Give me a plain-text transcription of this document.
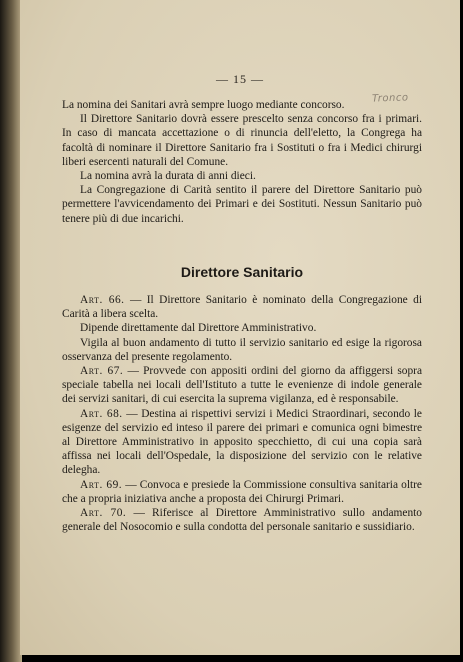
— 15 —
Tronco

La nomina dei Sanitari avrà sempre luogo mediante concorso.

Il Direttore Sanitario dovrà essere prescelto senza concorso fra i primari. In caso di mancata accettazione o di rinuncia dell'eletto, la Congrega ha facoltà di nominare il Direttore Sanitario fra i Sostituti o fra i Medici chirurgi liberi esercenti naturali del Comune.

La nomina avrà la durata di anni dieci.

La Congregazione di Carità sentito il parere del Direttore Sanitario può permettere l'avvicendamento dei Primari e dei Sostituti. Nessun Sanitario può tenere più di due incarichi.

Direttore Sanitario

Art. 66. — Il Direttore Sanitario è nominato della Congregazione di Carità a libera scelta.

Dipende direttamente dal Direttore Amministrativo.

Vigila al buon andamento di tutto il servizio sanitario ed esige la rigorosa osservanza del presente regolamento.

Art. 67. — Provvede con appositi ordini del giorno da affiggersi sopra speciale tabella nei locali dell'Istituto a tutte le evenienze di indole generale dei servizi sanitari, di cui esercita la suprema vigilanza, ed è responsabile.

Art. 68. — Destina ai rispettivi servizi i Medici Straordinari, secondo le esigenze del servizio ed inteso il parere dei primari e comunica ogni bimestre al Direttore Amministrativo in apposito specchietto, di cui una copia sarà affissa nei locali dell'Ospedale, la disposizione del servizio con le relative delegha.

Art. 69. — Convoca e presiede la Commissione consultiva sanitaria oltre che a propria iniziativa anche a proposta dei Chirurgi Primari.

Art. 70. — Riferisce al Direttore Amministrativo sullo andamento generale del Nosocomio e sulla condotta del personale sanitario e sussidiario.
